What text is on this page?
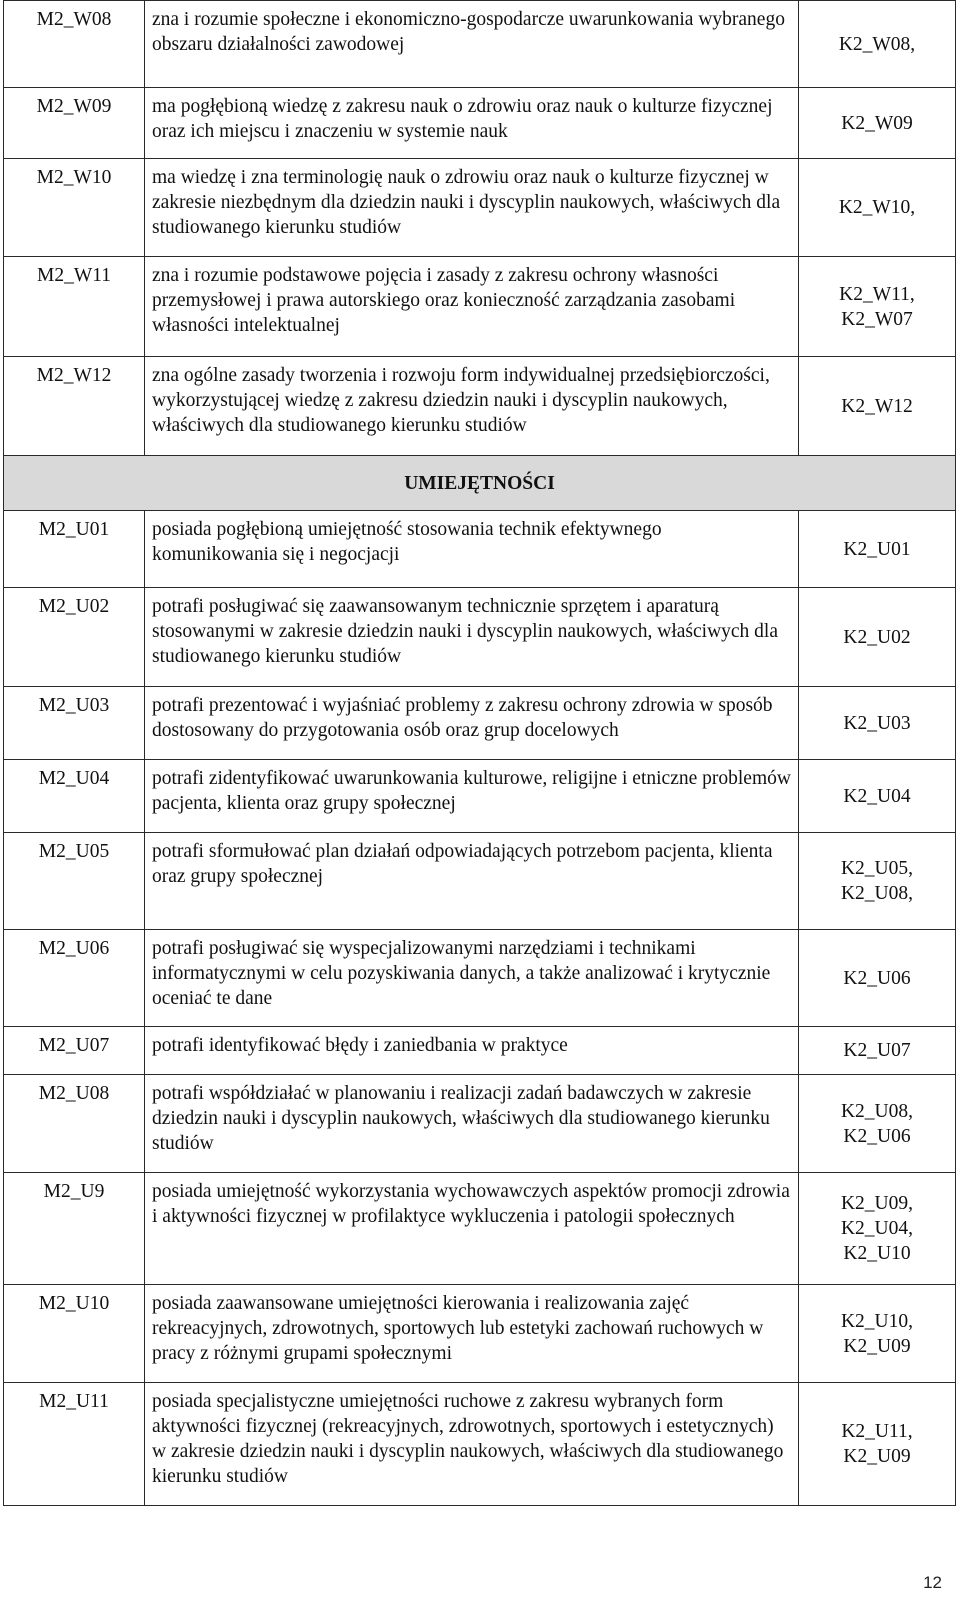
M2_W08	zna i rozumie społeczne i ekonomiczno-gospodarcze uwarunkowania wybranego obszaru działalności zawodowej	K2_W08,

M2_W09	ma pogłębioną wiedzę z zakresu nauk o zdrowiu oraz nauk o kulturze fizycznej oraz ich miejscu i znaczeniu w systemie nauk	K2_W09

M2_W10	ma wiedzę i zna terminologię nauk o zdrowiu oraz nauk o kulturze fizycznej w zakresie niezbędnym dla dziedzin nauki i dyscyplin naukowych, właściwych dla studiowanego kierunku studiów	K2_W10,

M2_W11	zna i rozumie podstawowe pojęcia i zasady z zakresu ochrony własności przemysłowej i prawa autorskiego oraz konieczność zarządzania zasobami własności intelektualnej	K2_W11,
K2_W07

M2_W12	zna ogólne zasady tworzenia i rozwoju form indywidualnej przedsiębiorczości, wykorzystującej wiedzę z zakresu dziedzin nauki i dyscyplin naukowych, właściwych dla studiowanego kierunku studiów	K2_W12

UMIEJĘTNOŚCI		
M2_U01	posiada pogłębioną umiejętność stosowania technik efektywnego komunikowania się i negocjacji	K2_U01

M2_U02	potrafi posługiwać się zaawansowanym technicznie sprzętem i aparaturą stosowanymi w zakresie dziedzin nauki i dyscyplin naukowych, właściwych dla studiowanego kierunku studiów	K2_U02

M2_U03	potrafi prezentować i wyjaśniać problemy z zakresu ochrony zdrowia w sposób dostosowany do przygotowania osób oraz grup docelowych	K2_U03

M2_U04	potrafi zidentyfikować uwarunkowania kulturowe, religijne i etniczne problemów pacjenta, klienta oraz grupy społecznej	K2_U04

M2_U05	potrafi sformułować plan działań odpowiadających potrzebom pacjenta, klienta oraz grupy społecznej	K2_U05,
K2_U08,

M2_U06	potrafi posługiwać się wyspecjalizowanymi narzędziami i technikami informatycznymi w celu pozyskiwania danych, a także analizować i krytycznie oceniać te dane	K2_U06

M2_U07	potrafi identyfikować błędy i zaniedbania w praktyce	K2_U07

M2_U08	potrafi współdziałać w planowaniu i realizacji zadań badawczych w zakresie dziedzin nauki i dyscyplin naukowych, właściwych dla studiowanego kierunku studiów	K2_U08,
K2_U06

M2_U9	posiada umiejętność wykorzystania wychowawczych aspektów promocji zdrowia i aktywności fizycznej w profilaktyce wykluczenia i patologii społecznych	K2_U09,
K2_U04,
K2_U10

M2_U10	posiada zaawansowane umiejętności kierowania i realizowania zajęć rekreacyjnych, zdrowotnych, sportowych lub estetyki zachowań ruchowych w pracy z różnymi grupami społecznymi	K2_U10,
K2_U09

M2_U11	posiada specjalistyczne umiejętności ruchowe z zakresu wybranych form aktywności fizycznej (rekreacyjnych, zdrowotnych, sportowych i estetycznych) w zakresie dziedzin nauki i dyscyplin naukowych, właściwych dla studiowanego kierunku studiów	K2_U11,
K2_U09
12
